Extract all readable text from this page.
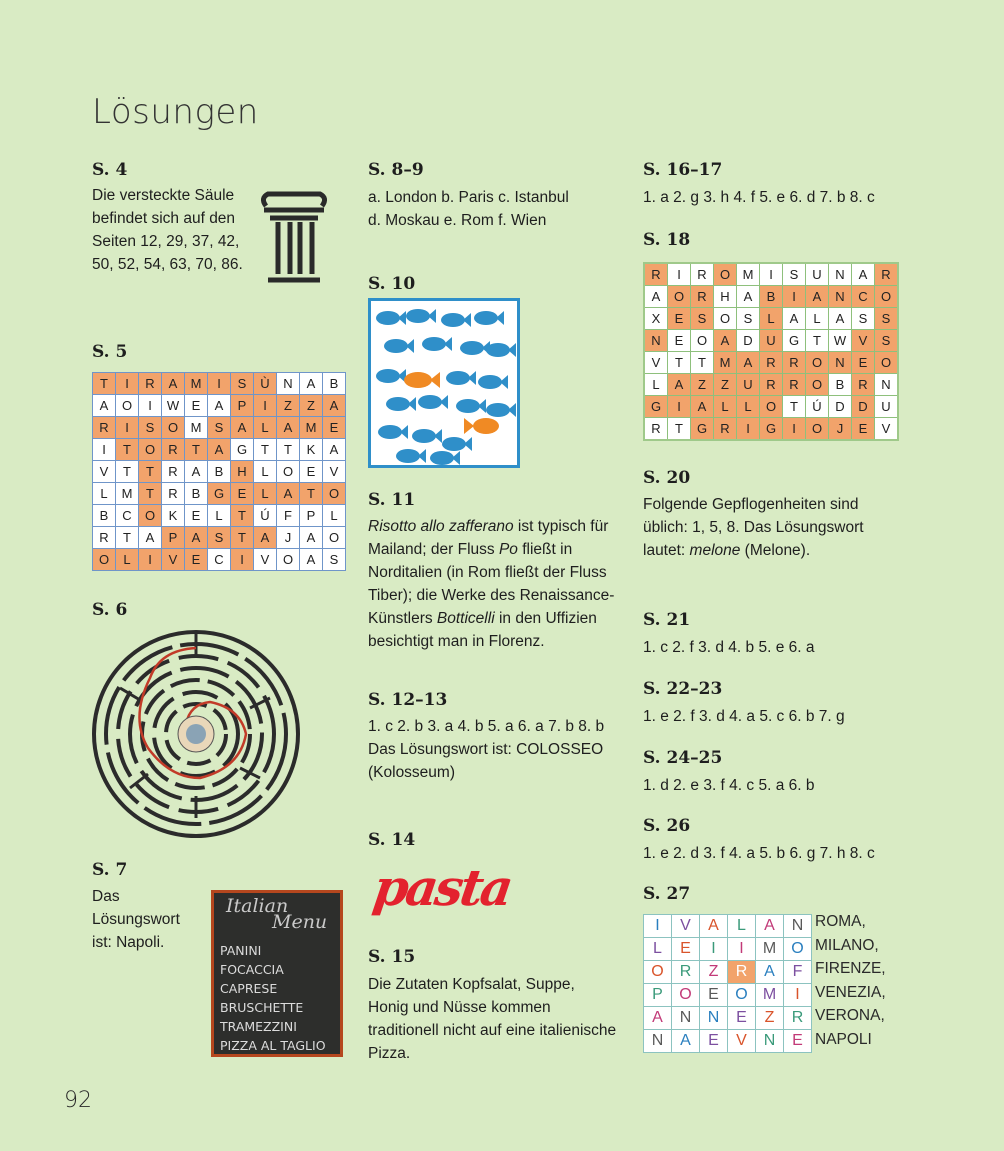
Lösungen
S. 4
Die versteckte Säule befindet sich auf den Seiten 12, 29, 37, 42, 50, 52, 54, 63, 70, 86.
S. 5
T	I	R	A	M	I	S	Ù	N	A	B
A	O	I	W	E	A	P	I	Z	Z	A
R	I	S	O	M	S	A	L	A	M	E
I	T	O	R	T	A	G	T	T	K	A
V	T	T	R	A	B	H	L	O	E	V
L	M	T	R	B	G	E	L	A	T	O
B	C	O	K	E	L	T	Ú	F	P	L
R	T	A	P	A	S	T	A	J	A	O
O	L	I	V	E	C	I	V	O	A	S
S. 6
S. 7
Das Lösungswort ist: Napoli.
Italian
Menu
PANINI
FOCACCIA
CAPRESE
BRUSCHETTE
TRAMEZZINI
PIZZA AL TAGLIO
S. 8–9
a. London b. Paris c. Istanbul
d. Moskau e. Rom f. Wien
S. 10
S. 11
Risotto allo zafferano ist typisch für Mailand; der Fluss Po fließt in Norditalien (in Rom fließt der Fluss Tiber); die Werke des Renaissance-Künstlers Botticelli in den Uffizien besichtigt man in Florenz.
S. 12–13
1. c 2. b 3. a 4. b 5. a 6. a 7. b 8. b
Das Lösungswort ist: COLOSSEO
(Kolosseum)
S. 14
pasta
S. 15
Die Zutaten Kopfsalat, Suppe, Honig und Nüsse kommen traditionell nicht auf eine italienische Pizza.
S. 16–17
1. a 2. g 3. h 4. f 5. e 6. d 7. b 8. c
S. 18
R	I	R	O	M	I	S	U	N	A	R
A	O	R	H	A	B	I	A	N	C	O
X	E	S	O	S	L	A	L	A	S	S
N	E	O	A	D	U	G	T	W	V	S
V	T	T	M	A	R	R	O	N	E	O
L	A	Z	Z	U	R	R	O	B	R	N
G	I	A	L	L	O	T	Ú	D	D	U
R	T	G	R	I	G	I	O	J	E	V
S. 20
Folgende Gepflogenheiten sind üblich: 1, 5, 8. Das Lösungswort lautet: melone (Melone).
S. 21
1. c 2. f 3. d 4. b 5. e 6. a
S. 22–23
1. e 2. f 3. d 4. a 5. c 6. b 7. g
S. 24–25
1. d 2. e 3. f 4. c 5. a 6. b
S. 26
1. e 2. d 3. f 4. a 5. b 6. g 7. h 8. c
S. 27
I	V	A	L	A	N
L	E	I	I	M	O
O	R	Z	R	A	F
P	O	E	O	M	I
A	N	N	E	Z	R
N	A	E	V	N	E
ROMA,
MILANO,
FIRENZE,
VENEZIA,
VERONA,
NAPOLI
92
